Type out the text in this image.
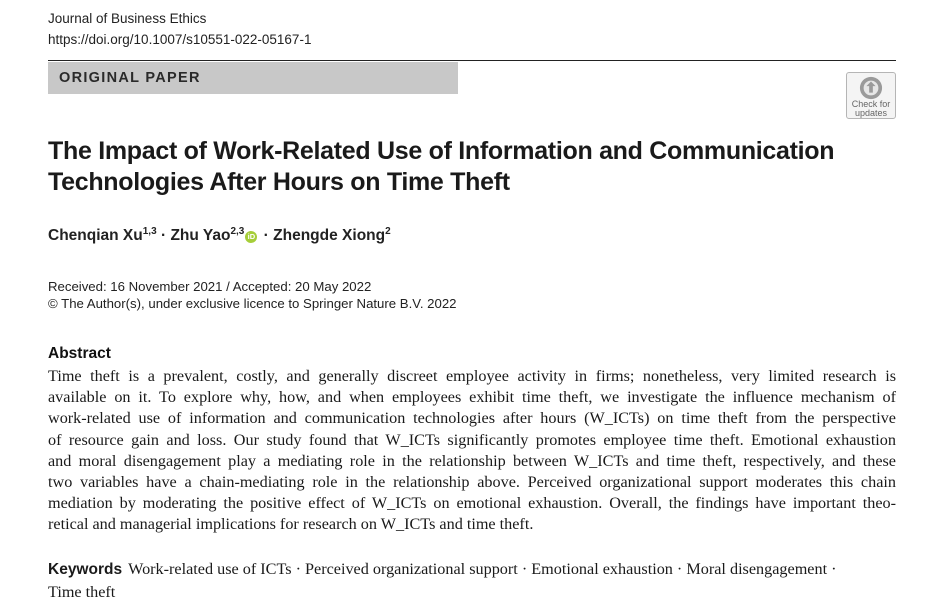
Journal of Business Ethics
https://doi.org/10.1007/s10551-022-05167-1
ORIGINAL PAPER
Check for
updates
The Impact of Work-Related Use of Information and Communication
Technologies After Hours on Time Theft
Chenqian Xu$^{1,3}$ · Zhu Yao$^{2,3}$ iD · Zhengde Xiong$^2$
Received: 16 November 2021 / Accepted: 20 May 2022
© The Author(s), under exclusive licence to Springer Nature B.V. 2022
Abstract

Time theft is a prevalent, costly, and generally discreet employee activity in firms; nonetheless, very limited research is
available on it. To explore why, how, and when employees exhibit time theft, we investigate the influence mechanism of
work-related use of information and communication technologies after hours (W_ICTs) on time theft from the perspective
of resource gain and loss. Our study found that W_ICTs significantly promotes employee time theft. Emotional exhaustion
and moral disengagement play a mediating role in the relationship between W_ICTs and time theft, respectively, and these
two variables have a chain-mediating role in the relationship above. Perceived organizational support moderates this chain
mediation by moderating the positive effect of W_ICTs on emotional exhaustion. Overall, the findings have important theo-
retical and managerial implications for research on W_ICTs and time theft.

Keywords Work-related use of ICTs · Perceived organizational support · Emotional exhaustion · Moral disengagement ·
Time theft
